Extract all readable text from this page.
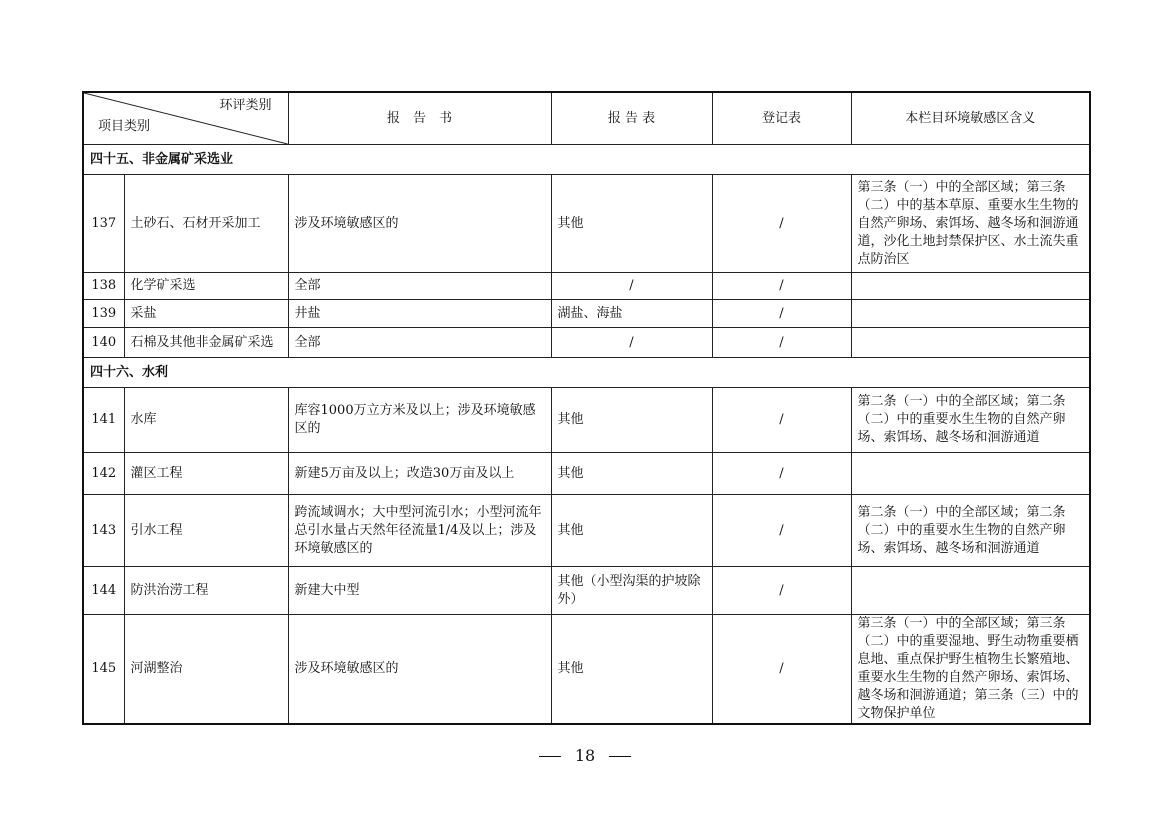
环评类别
项目类别		报　告　书	报 告 表	登记表	本栏目环境敏感区含义
四十五、非金属矿采选业					
137	土砂石、石材开采加工	涉及环境敏感区的	其他	/	第三条（一）中的全部区域；第三条（二）中的基本草原、重要水生生物的自然产卵场、索饵场、越冬场和洄游通道，沙化土地封禁保护区、水土流失重点防治区
138	化学矿采选	全部	/	/	
139	采盐	井盐	湖盐、海盐	/	
140	石棉及其他非金属矿采选	全部	/	/	
四十六、水利					
141	水库	库容1000万立方米及以上；涉及环境敏感区的	其他	/	第二条（一）中的全部区域；第二条（二）中的重要水生生物的自然产卵场、索饵场、越冬场和洄游通道
142	灌区工程	新建5万亩及以上；改造30万亩及以上	其他	/	
143	引水工程	跨流域调水；大中型河流引水；小型河流年总引水量占天然年径流量1/4及以上；涉及环境敏感区的	其他	/	第二条（一）中的全部区域；第二条（二）中的重要水生生物的自然产卵场、索饵场、越冬场和洄游通道
144	防洪治涝工程	新建大中型	其他（小型沟渠的护坡除外）	/	
145	河湖整治	涉及环境敏感区的	其他	/	第三条（一）中的全部区域；第三条（二）中的重要湿地、野生动物重要栖息地、重点保护野生植物生长繁殖地、重要水生生物的自然产卵场、索饵场、越冬场和洄游通道；第三条（三）中的文物保护单位
18
